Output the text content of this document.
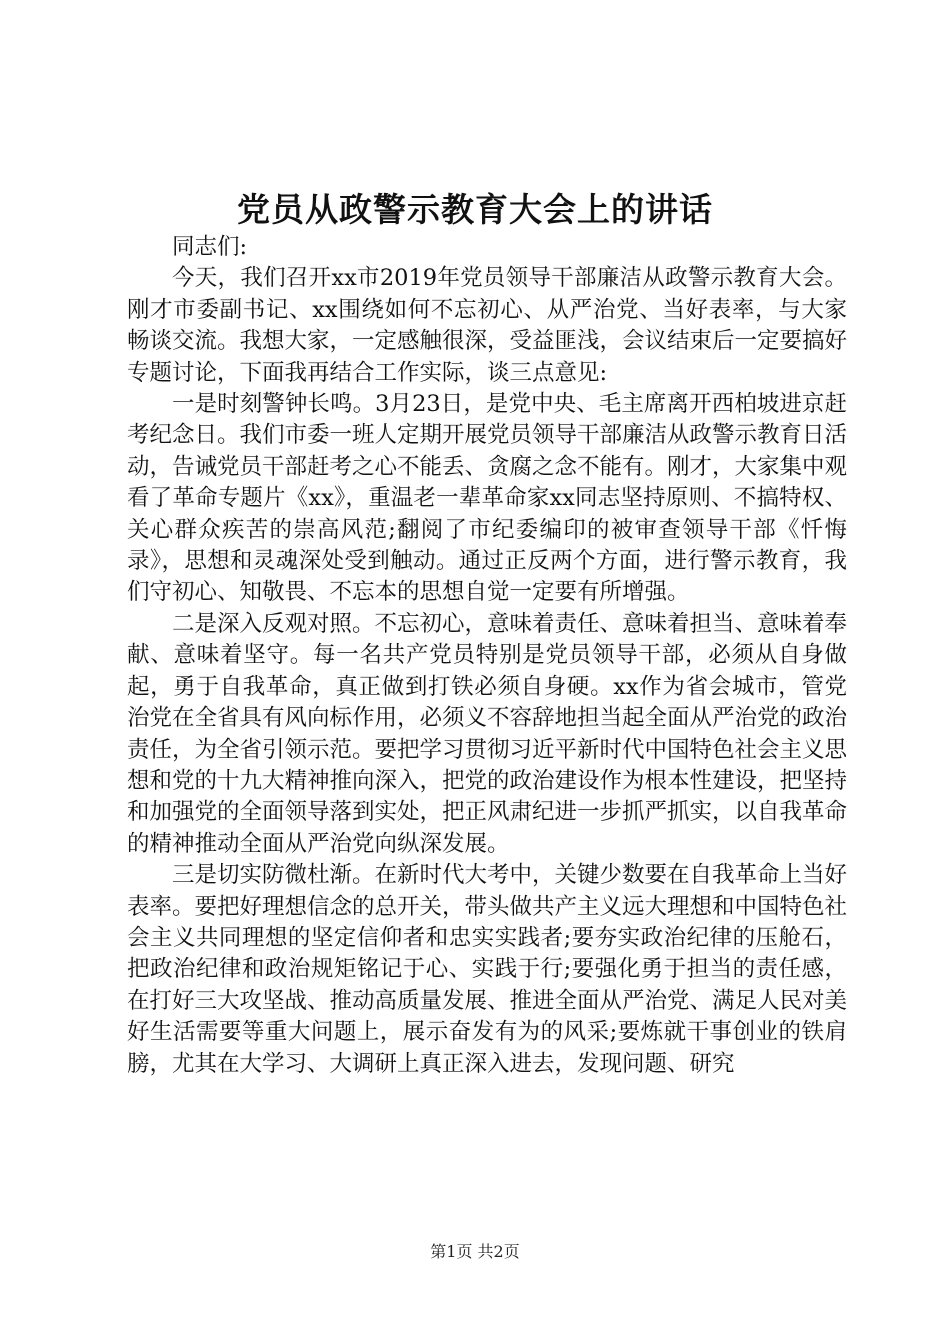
党员从政警示教育大会上的讲话

同志们:

今天，我们召开xx市2019年党员领导干部廉洁从政警示教育大会。刚才市委副书记、xx围绕如何不忘初心、从严治党、当好表率，与大家畅谈交流。我想大家，一定感触很深，受益匪浅，会议结束后一定要搞好专题讨论，下面我再结合工作实际，谈三点意见:

一是时刻警钟长鸣。3月23日，是党中央、毛主席离开西柏坡进京赶考纪念日。我们市委一班人定期开展党员领导干部廉洁从政警示教育日活动，告诫党员干部赶考之心不能丢、贪腐之念不能有。刚才，大家集中观看了革命专题片《xx》，重温老一辈革命家xx同志坚持原则、不搞特权、关心群众疾苦的崇高风范;翻阅了市纪委编印的被审查领导干部《忏悔录》，思想和灵魂深处受到触动。通过正反两个方面，进行警示教育，我们守初心、知敬畏、不忘本的思想自觉一定要有所增强。

二是深入反观对照。不忘初心，意味着责任、意味着担当、意味着奉献、意味着坚守。每一名共产党员特别是党员领导干部，必须从自身做起，勇于自我革命，真正做到打铁必须自身硬。xx作为省会城市，管党治党在全省具有风向标作用，必须义不容辞地担当起全面从严治党的政治责任，为全省引领示范。要把学习贯彻习近平新时代中国特色社会主义思想和党的十九大精神推向深入，把党的政治建设作为根本性建设，把坚持和加强党的全面领导落到实处，把正风肃纪进一步抓严抓实，以自我革命的精神推动全面从严治党向纵深发展。

三是切实防微杜渐。在新时代大考中，关键少数要在自我革命上当好表率。要把好理想信念的总开关，带头做共产主义远大理想和中国特色社会主义共同理想的坚定信仰者和忠实实践者;要夯实政治纪律的压舱石，把政治纪律和政治规矩铭记于心、实践于行;要强化勇于担当的责任感，在打好三大攻坚战、推动高质量发展、推进全面从严治党、满足人民对美好生活需要等重大问题上，展示奋发有为的风采;要炼就干事创业的铁肩膀，尤其在大学习、大调研上真正深入进去，发现问题、研究

第1页 共2页
